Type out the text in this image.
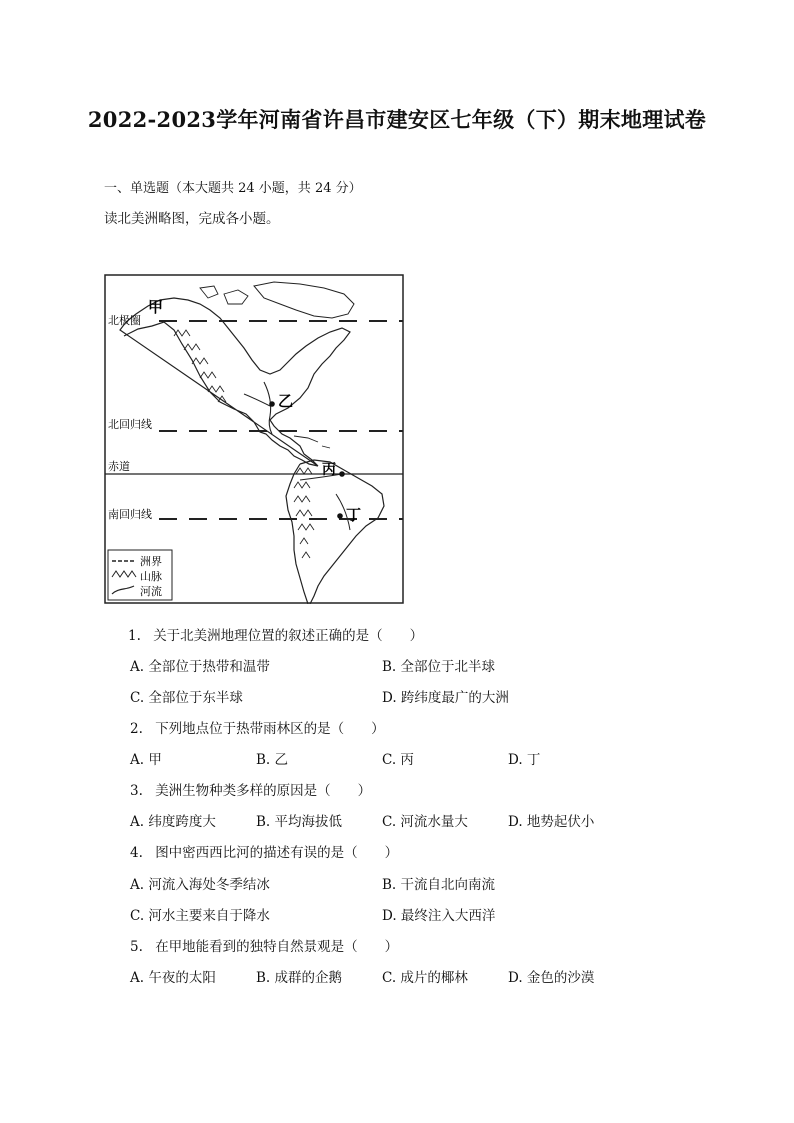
2022-2023学年河南省许昌市建安区七年级（下）期末地理试卷
一、单选题（本大题共 24 小题，共 24 分）
读北美洲略图，完成各小题。
甲
乙
丙
丁
北极圈
北回归线
赤道
南回归线
洲界
山脉
河流
1. 关于北美洲地理位置的叙述正确的是（　　）
A. 全部位于热带和温带	B. 全部位于北半球
C. 全部位于东半球	D. 跨纬度最广的大洲
2. 下列地点位于热带雨林区的是（　　）
A. 甲	B. 乙	C. 丙	D. 丁
3. 美洲生物种类多样的原因是（　　）
A. 纬度跨度大	B. 平均海拔低	C. 河流水量大	D. 地势起伏小
4. 图中密西西比河的描述有误的是（　　）
A. 河流入海处冬季结冰	B. 干流自北向南流
C. 河水主要来自于降水	D. 最终注入大西洋
5. 在甲地能看到的独特自然景观是（　　）
A. 午夜的太阳	B. 成群的企鹅	C. 成片的椰林	D. 金色的沙漠
